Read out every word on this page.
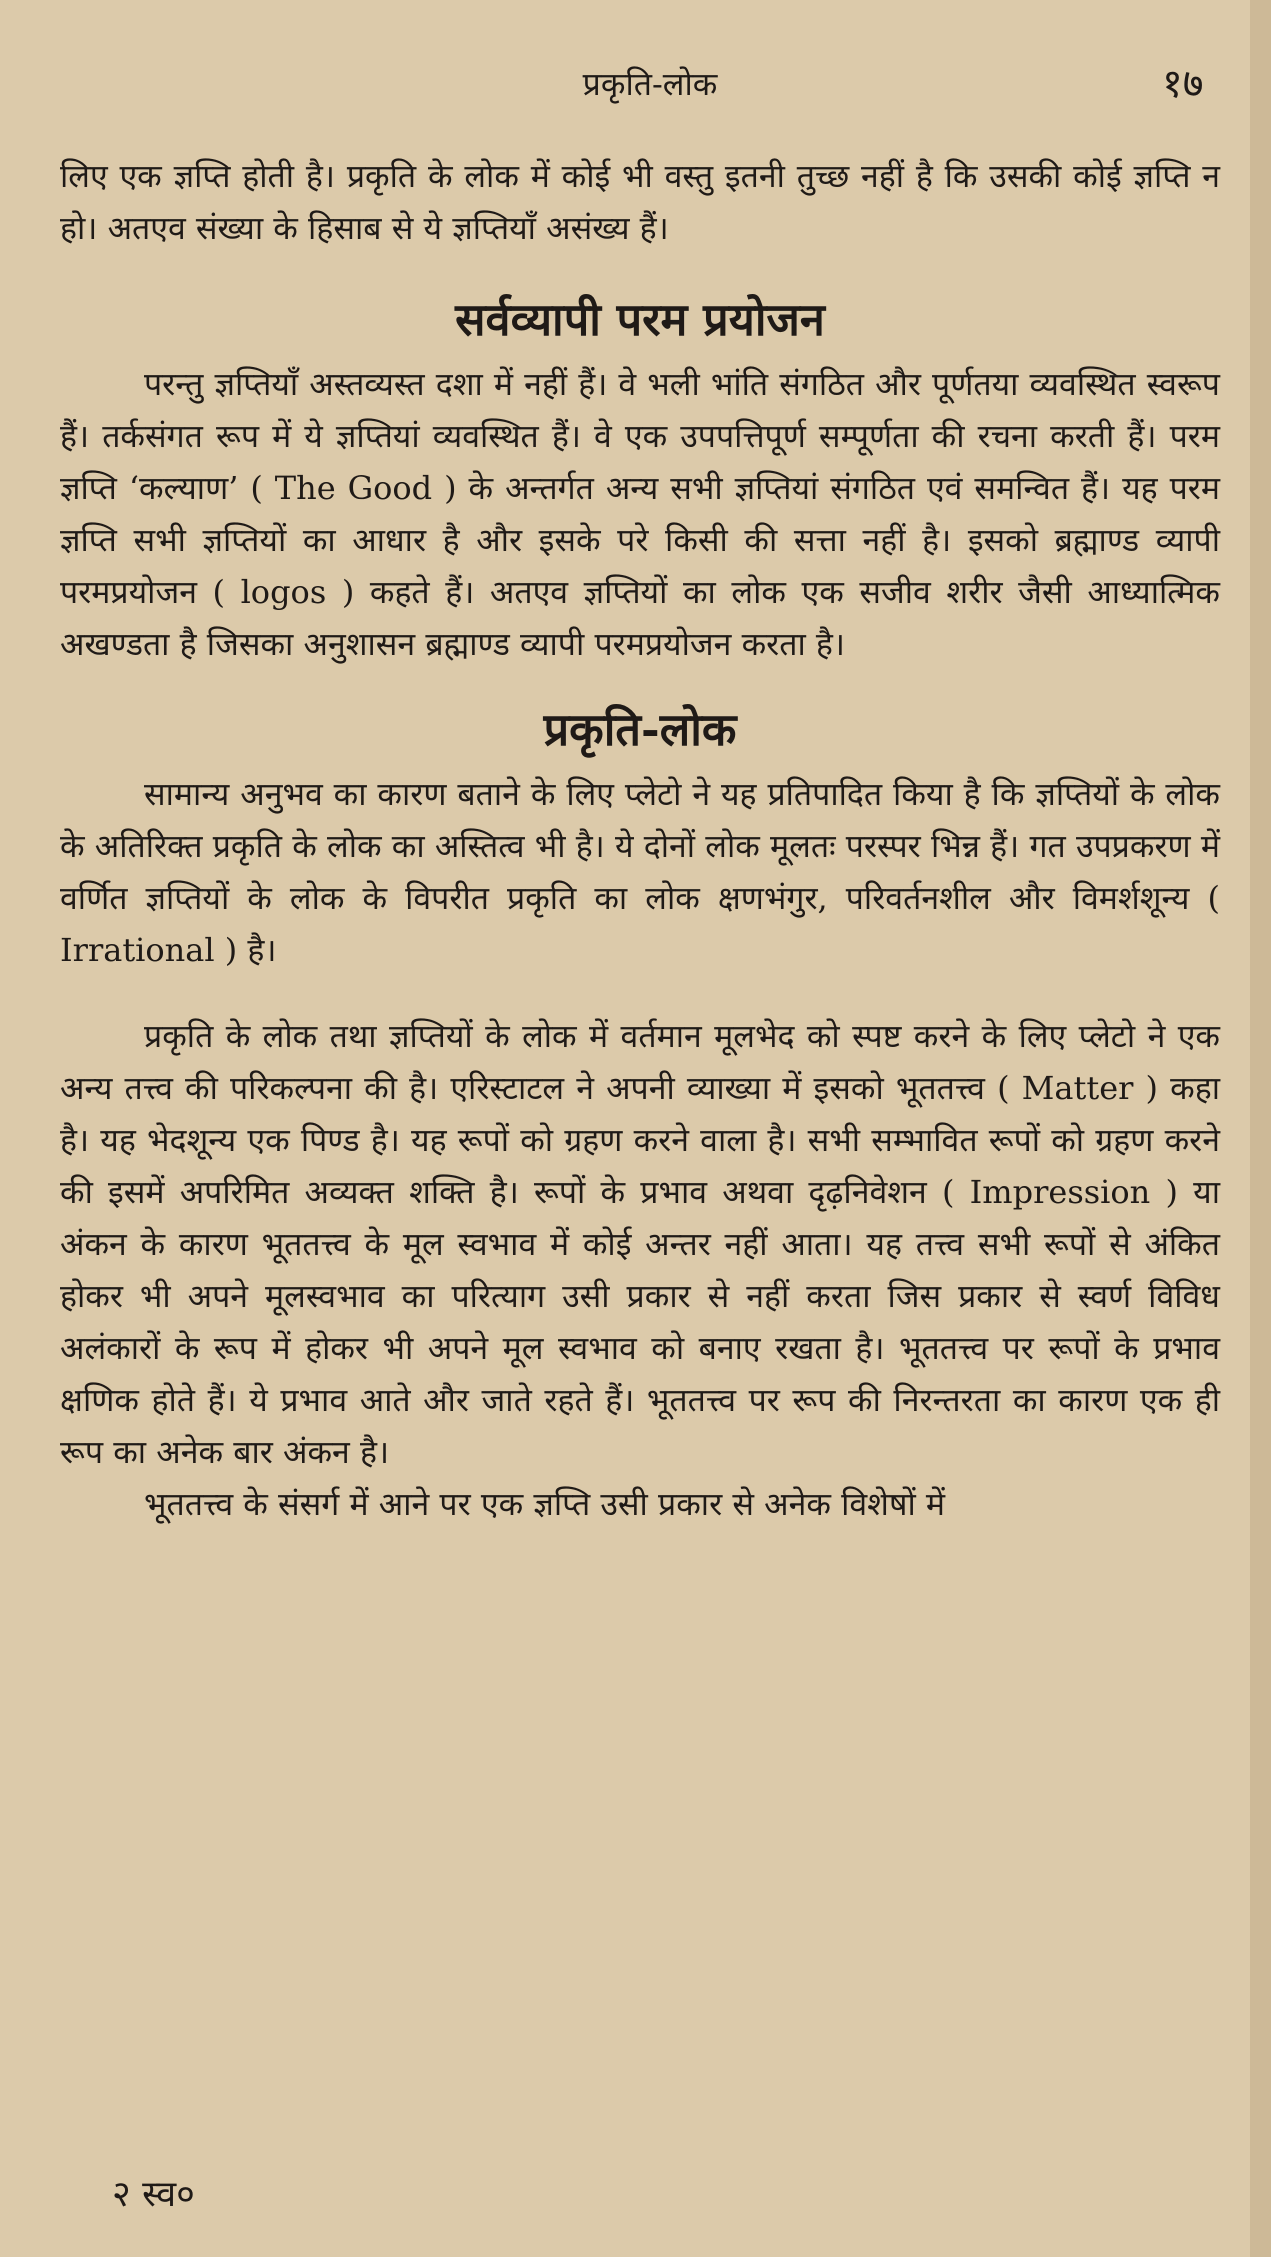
प्रकृति-लोक	१७

लिए एक ज्ञप्ति होती है। प्रकृति के लोक में कोई भी वस्तु इतनी तुच्छ नहीं है कि उसकी कोई ज्ञप्ति न हो। अतएव संख्या के हिसाब से ये ज्ञप्तियाँ असंख्य हैं।

सर्वव्यापी परम प्रयोजन

परन्तु ज्ञप्तियाँ अस्तव्यस्त दशा में नहीं हैं। वे भली भांति संगठित और पूर्णतया व्यवस्थित स्वरूप हैं। तर्कसंगत रूप में ये ज्ञप्तियां व्यवस्थित हैं। वे एक उपपत्तिपूर्ण सम्पूर्णता की रचना करती हैं। परम ज्ञप्ति ‘कल्याण’ ( The Good ) के अन्तर्गत अन्य सभी ज्ञप्तियां संगठित एवं समन्वित हैं। यह परम ज्ञप्ति सभी ज्ञप्तियों का आधार है और इसके परे किसी की सत्ता नहीं है। इसको ब्रह्माण्ड व्यापी परमप्रयोजन ( logos ) कहते हैं। अतएव ज्ञप्तियों का लोक एक सजीव शरीर जैसी आध्यात्मिक अखण्डता है जिसका अनुशासन ब्रह्माण्ड व्यापी परमप्रयोजन करता है।

प्रकृति-लोक

सामान्य अनुभव का कारण बताने के लिए प्लेटो ने यह प्रतिपादित किया है कि ज्ञप्तियों के लोक के अतिरिक्त प्रकृति के लोक का अस्तित्व भी है। ये दोनों लोक मूलतः परस्पर भिन्न हैं। गत उपप्रकरण में वर्णित ज्ञप्तियों के लोक के विपरीत प्रकृति का लोक क्षणभंगुर, परिवर्तनशील और विमर्शशून्य ( Irrational ) है।

प्रकृति के लोक तथा ज्ञप्तियों के लोक में वर्तमान मूलभेद को स्पष्ट करने के लिए प्लेटो ने एक अन्य तत्त्व की परिकल्पना की है। एरिस्टाटल ने अपनी व्याख्या में इसको भूततत्त्व ( Matter ) कहा है। यह भेदशून्य एक पिण्ड है। यह रूपों को ग्रहण करने वाला है। सभी सम्भावित रूपों को ग्रहण करने की इसमें अपरिमित अव्यक्त शक्ति है। रूपों के प्रभाव अथवा दृढ़निवेशन ( Impression ) या अंकन के कारण भूततत्त्व के मूल स्वभाव में कोई अन्तर नहीं आता। यह तत्त्व सभी रूपों से अंकित होकर भी अपने मूलस्वभाव का परित्याग उसी प्रकार से नहीं करता जिस प्रकार से स्वर्ण विविध अलंकारों के रूप में होकर भी अपने मूल स्वभाव को बनाए रखता है। भूततत्त्व पर रूपों के प्रभाव क्षणिक होते हैं। ये प्रभाव आते और जाते रहते हैं। भूततत्त्व पर रूप की निरन्तरता का कारण एक ही रूप का अनेक बार अंकन है।

भूततत्त्व के संसर्ग में आने पर एक ज्ञप्ति उसी प्रकार से अनेक विशेषों में

२ स्व०
